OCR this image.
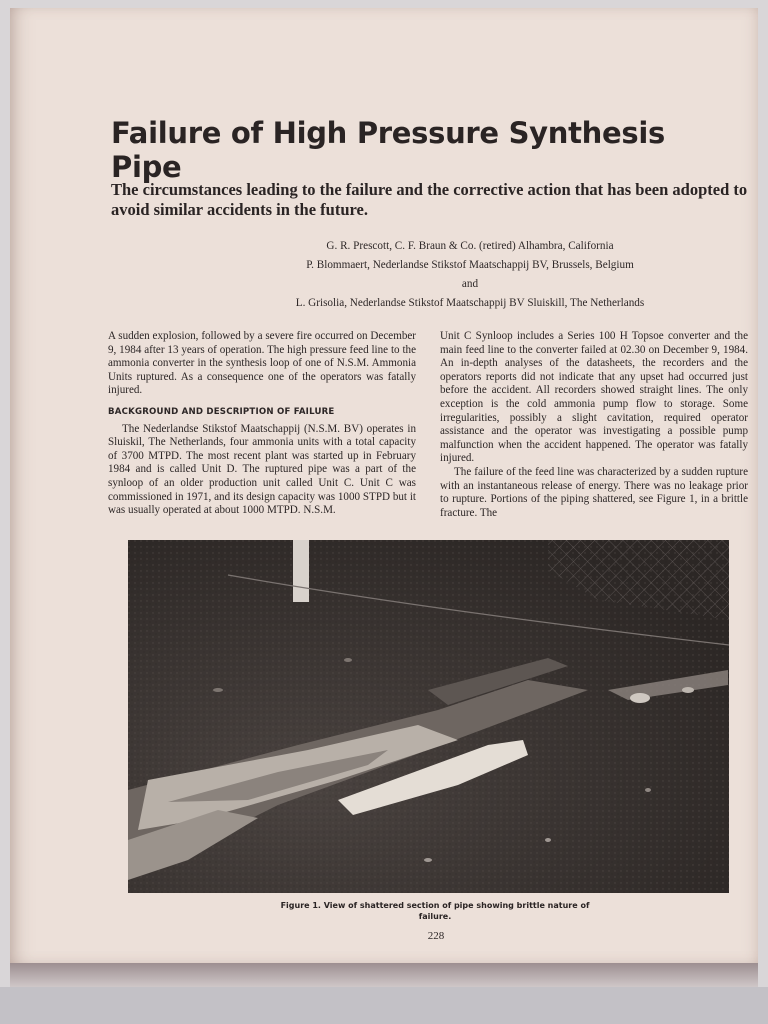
Failure of High Pressure Synthesis Pipe

The circumstances leading to the failure and the corrective action that has been adopted to avoid similar accidents in the future.

G. R. Prescott, C. F. Braun & Co. (retired) Alhambra, California
P. Blommaert, Nederlandse Stikstof Maatschappij BV, Brussels, Belgium
and
L. Grisolia, Nederlandse Stikstof Maatschappij BV Sluiskill, The Netherlands

A sudden explosion, followed by a severe fire occurred on December 9, 1984 after 13 years of operation. The high pressure feed line to the ammonia converter in the synthesis loop of one of N.S.M. Ammonia Units ruptured. As a consequence one of the operators was fatally injured.

BACKGROUND AND DESCRIPTION OF FAILURE

The Nederlandse Stikstof Maatschappij (N.S.M. BV) operates in Sluiskil, The Netherlands, four ammonia units with a total capacity of 3700 MTPD. The most recent plant was started up in February 1984 and is called Unit D. The ruptured pipe was a part of the synloop of an older production unit called Unit C. Unit C was commissioned in 1971, and its design capacity was 1000 STPD but it was usually operated at about 1000 MTPD. N.S.M.

Unit C Synloop includes a Series 100 H Topsoe converter and the main feed line to the converter failed at 02.30 on December 9, 1984. An in-depth analyses of the datasheets, the recorders and the operators reports did not indicate that any upset had occurred just before the accident. All recorders showed straight lines. The only exception is the cold ammonia pump flow to storage. Some irregularities, possibly a slight cavitation, required operator assistance and the operator was investigating a possible pump malfunction when the accident happened. The operator was fatally injured.

The failure of the feed line was characterized by a sudden rupture with an instantaneous release of energy. There was no leakage prior to rupture. Portions of the piping shattered, see Figure 1, in a brittle fracture. The

Figure 1. View of shattered section of pipe showing brittle nature of failure.

228
